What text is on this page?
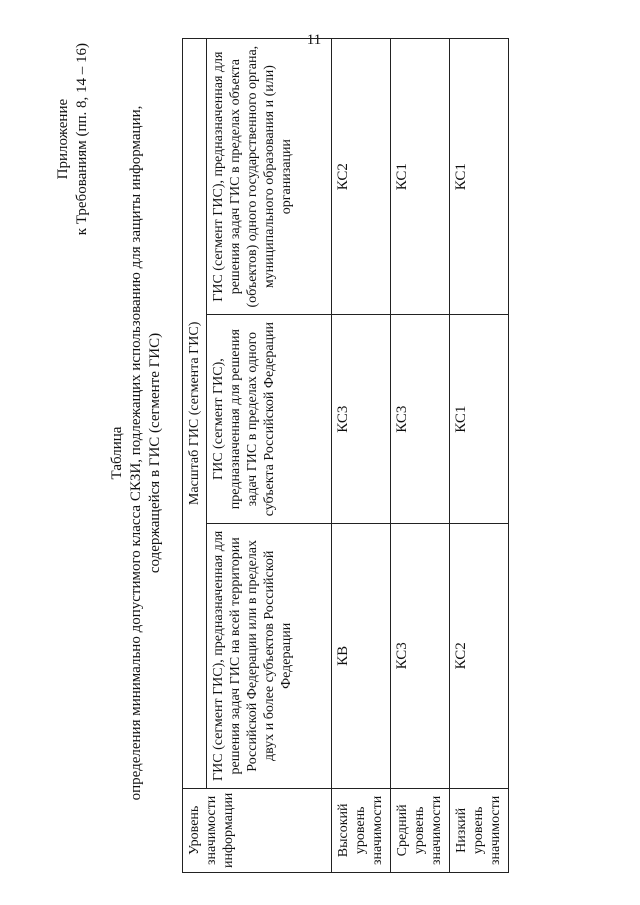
11
Приложение к Требованиям (пп. 8, 14 – 16)
Таблица определения минимально допустимого класса СКЗИ, подлежащих использованию для защиты информации, содержащейся в ГИС (сегменте ГИС)
Уровень значимости информации	Масштаб ГИС (сегмента ГИС)		
	ГИС (сегмент ГИС), предназначенная для решения задач ГИС на всей территории Российской Федерации или в пределах двух и более субъектов Российской Федерации	ГИС (сегмент ГИС), предназначенная для решения задач ГИС в пределах одного субъекта Российской Федерации	ГИС (сегмент ГИС), предназначенная для решения задач ГИС в пределах объекта (объектов) одного государственного органа, муниципального образования и (или) организации
Высокий уровень значимости	КВ	КС3	КС2
Средний уровень значимости	КС3	КС3	КС1
Низкий уровень значимости	КС2	КС1	КС1
